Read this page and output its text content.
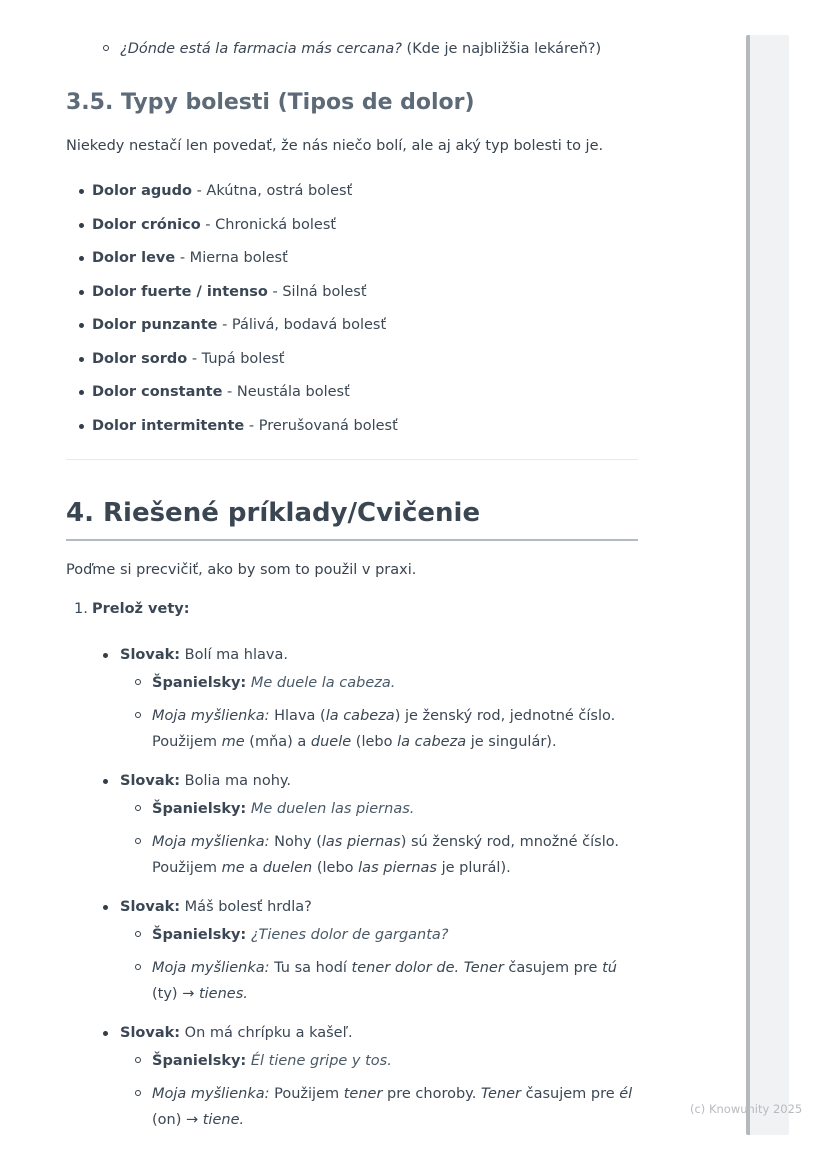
¿Dónde está la farmacia más cercana? (Kde je najbližšia lekáreň?)
3.5. Typy bolesti (Tipos de dolor)

Niekedy nestačí len povedať, že nás niečo bolí, ale aj aký typ bolesti to je.

Dolor agudo - Akútna, ostrá bolesť
Dolor crónico - Chronická bolesť
Dolor leve - Mierna bolesť
Dolor fuerte / intenso - Silná bolesť
Dolor punzante - Pálivá, bodavá bolesť
Dolor sordo - Tupá bolesť
Dolor constante - Neustála bolesť
Dolor intermitente - Prerušovaná bolesť
4. Riešené príklady/Cvičenie

Poďme si precvičiť, ako by som to použil v praxi.

1. Prelož vety:
Slovak: Bolí ma hlava.
Španielsky: Me duele la cabeza.
Moja myšlienka: Hlava (la cabeza) je ženský rod, jednotné číslo. Použijem me (mňa) a duele (lebo la cabeza je singulár).
Slovak: Bolia ma nohy.
Španielsky: Me duelen las piernas.
Moja myšlienka: Nohy (las piernas) sú ženský rod, množné číslo. Použijem me a duelen (lebo las piernas je plurál).
Slovak: Máš bolesť hrdla?
Španielsky: ¿Tienes dolor de garganta?
Moja myšlienka: Tu sa hodí tener dolor de. Tener časujem pre tú (ty) → tienes.
Slovak: On má chrípku a kašeľ.
Španielsky: Él tiene gripe y tos.
Moja myšlienka: Použijem tener pre choroby. Tener časujem pre él (on) → tiene.
(c) Knowunity 2025
